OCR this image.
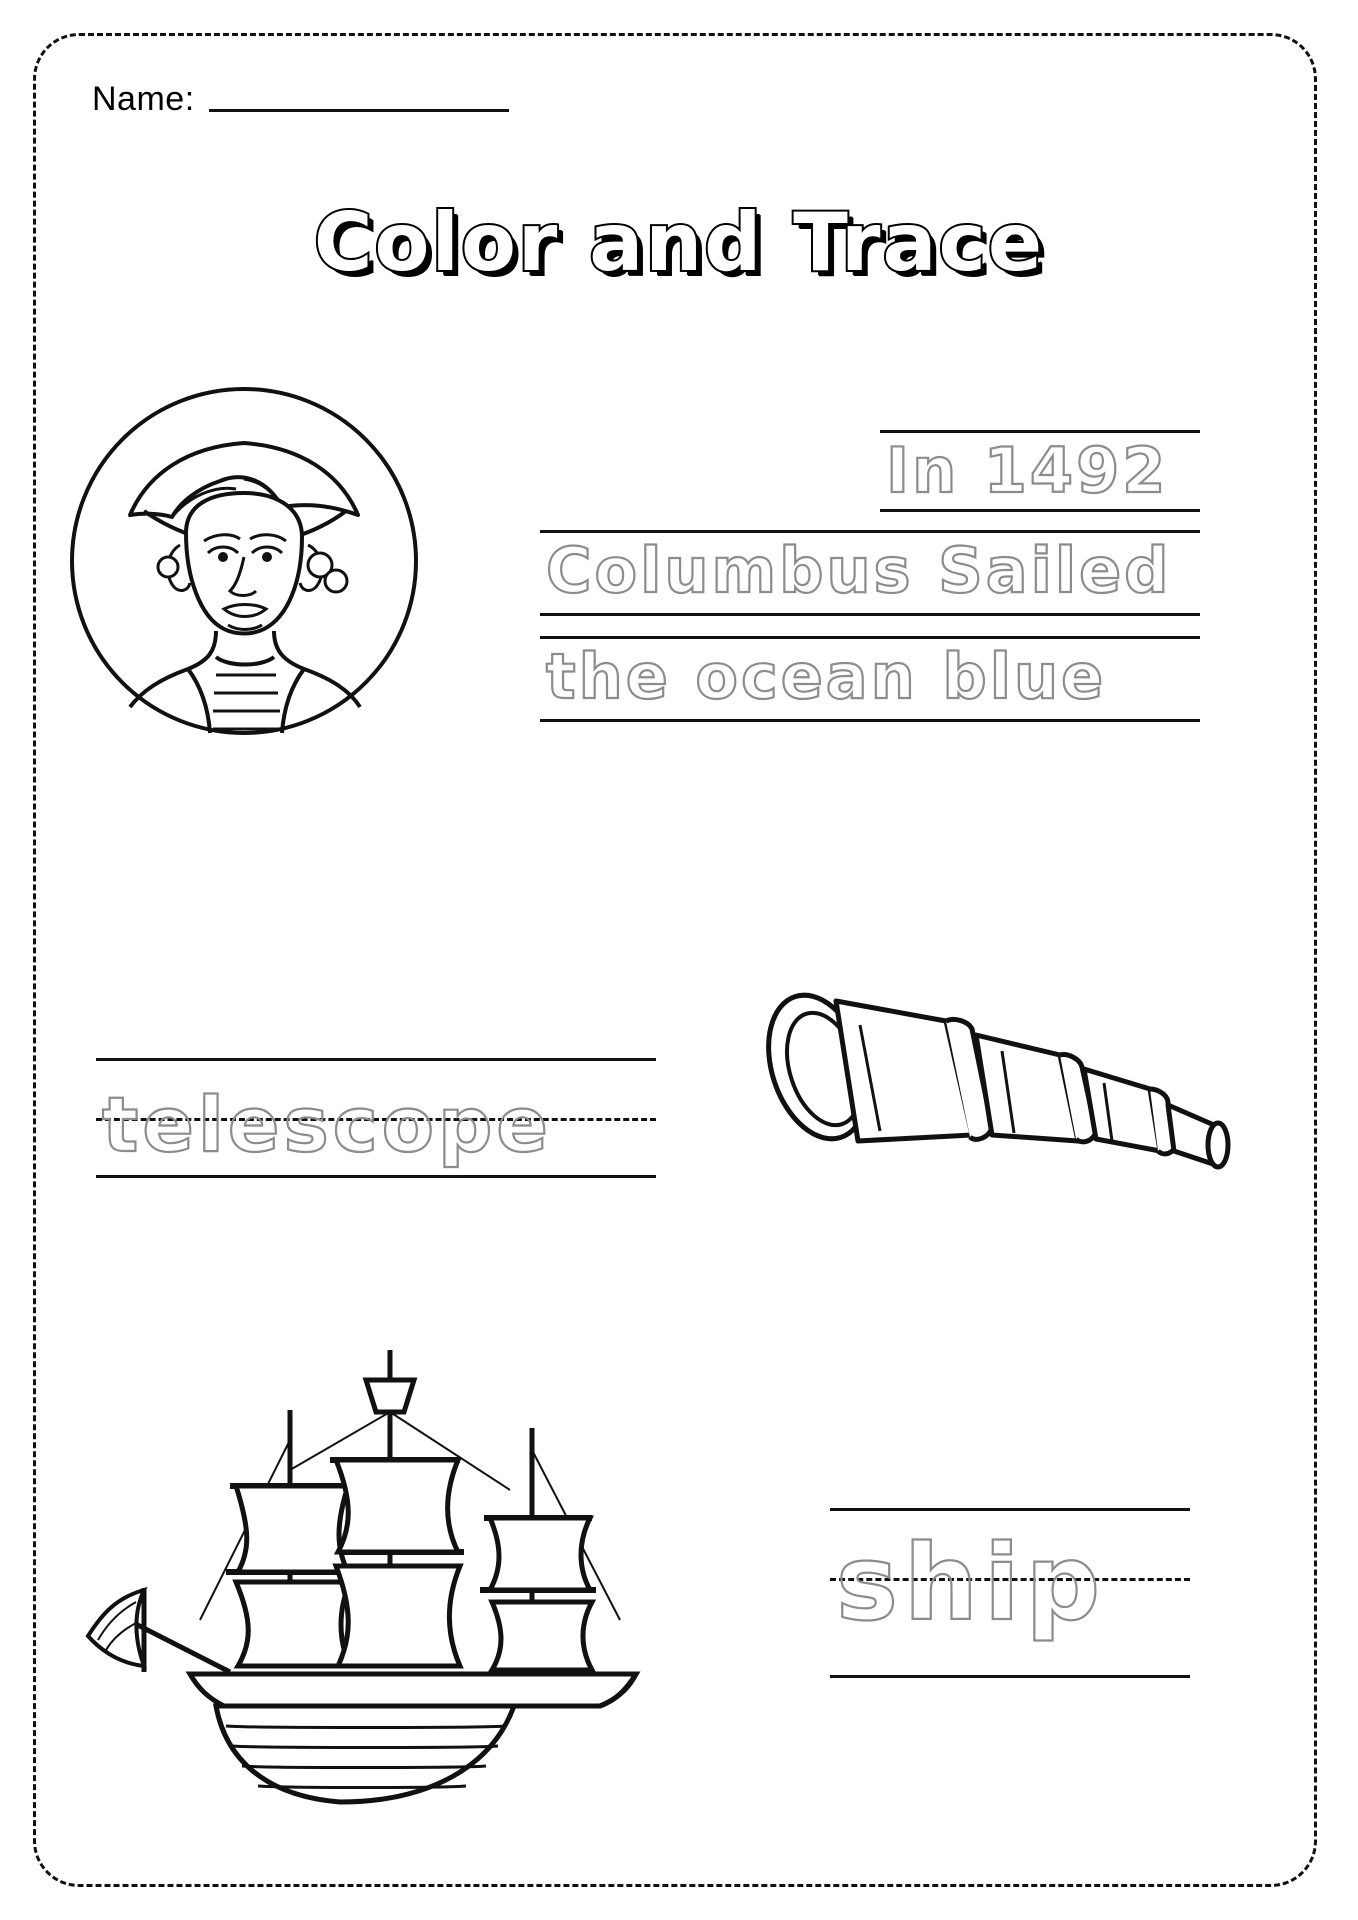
Name:
Color and Trace
In 1492
Columbus Sailed
the ocean blue
telescope
ship
